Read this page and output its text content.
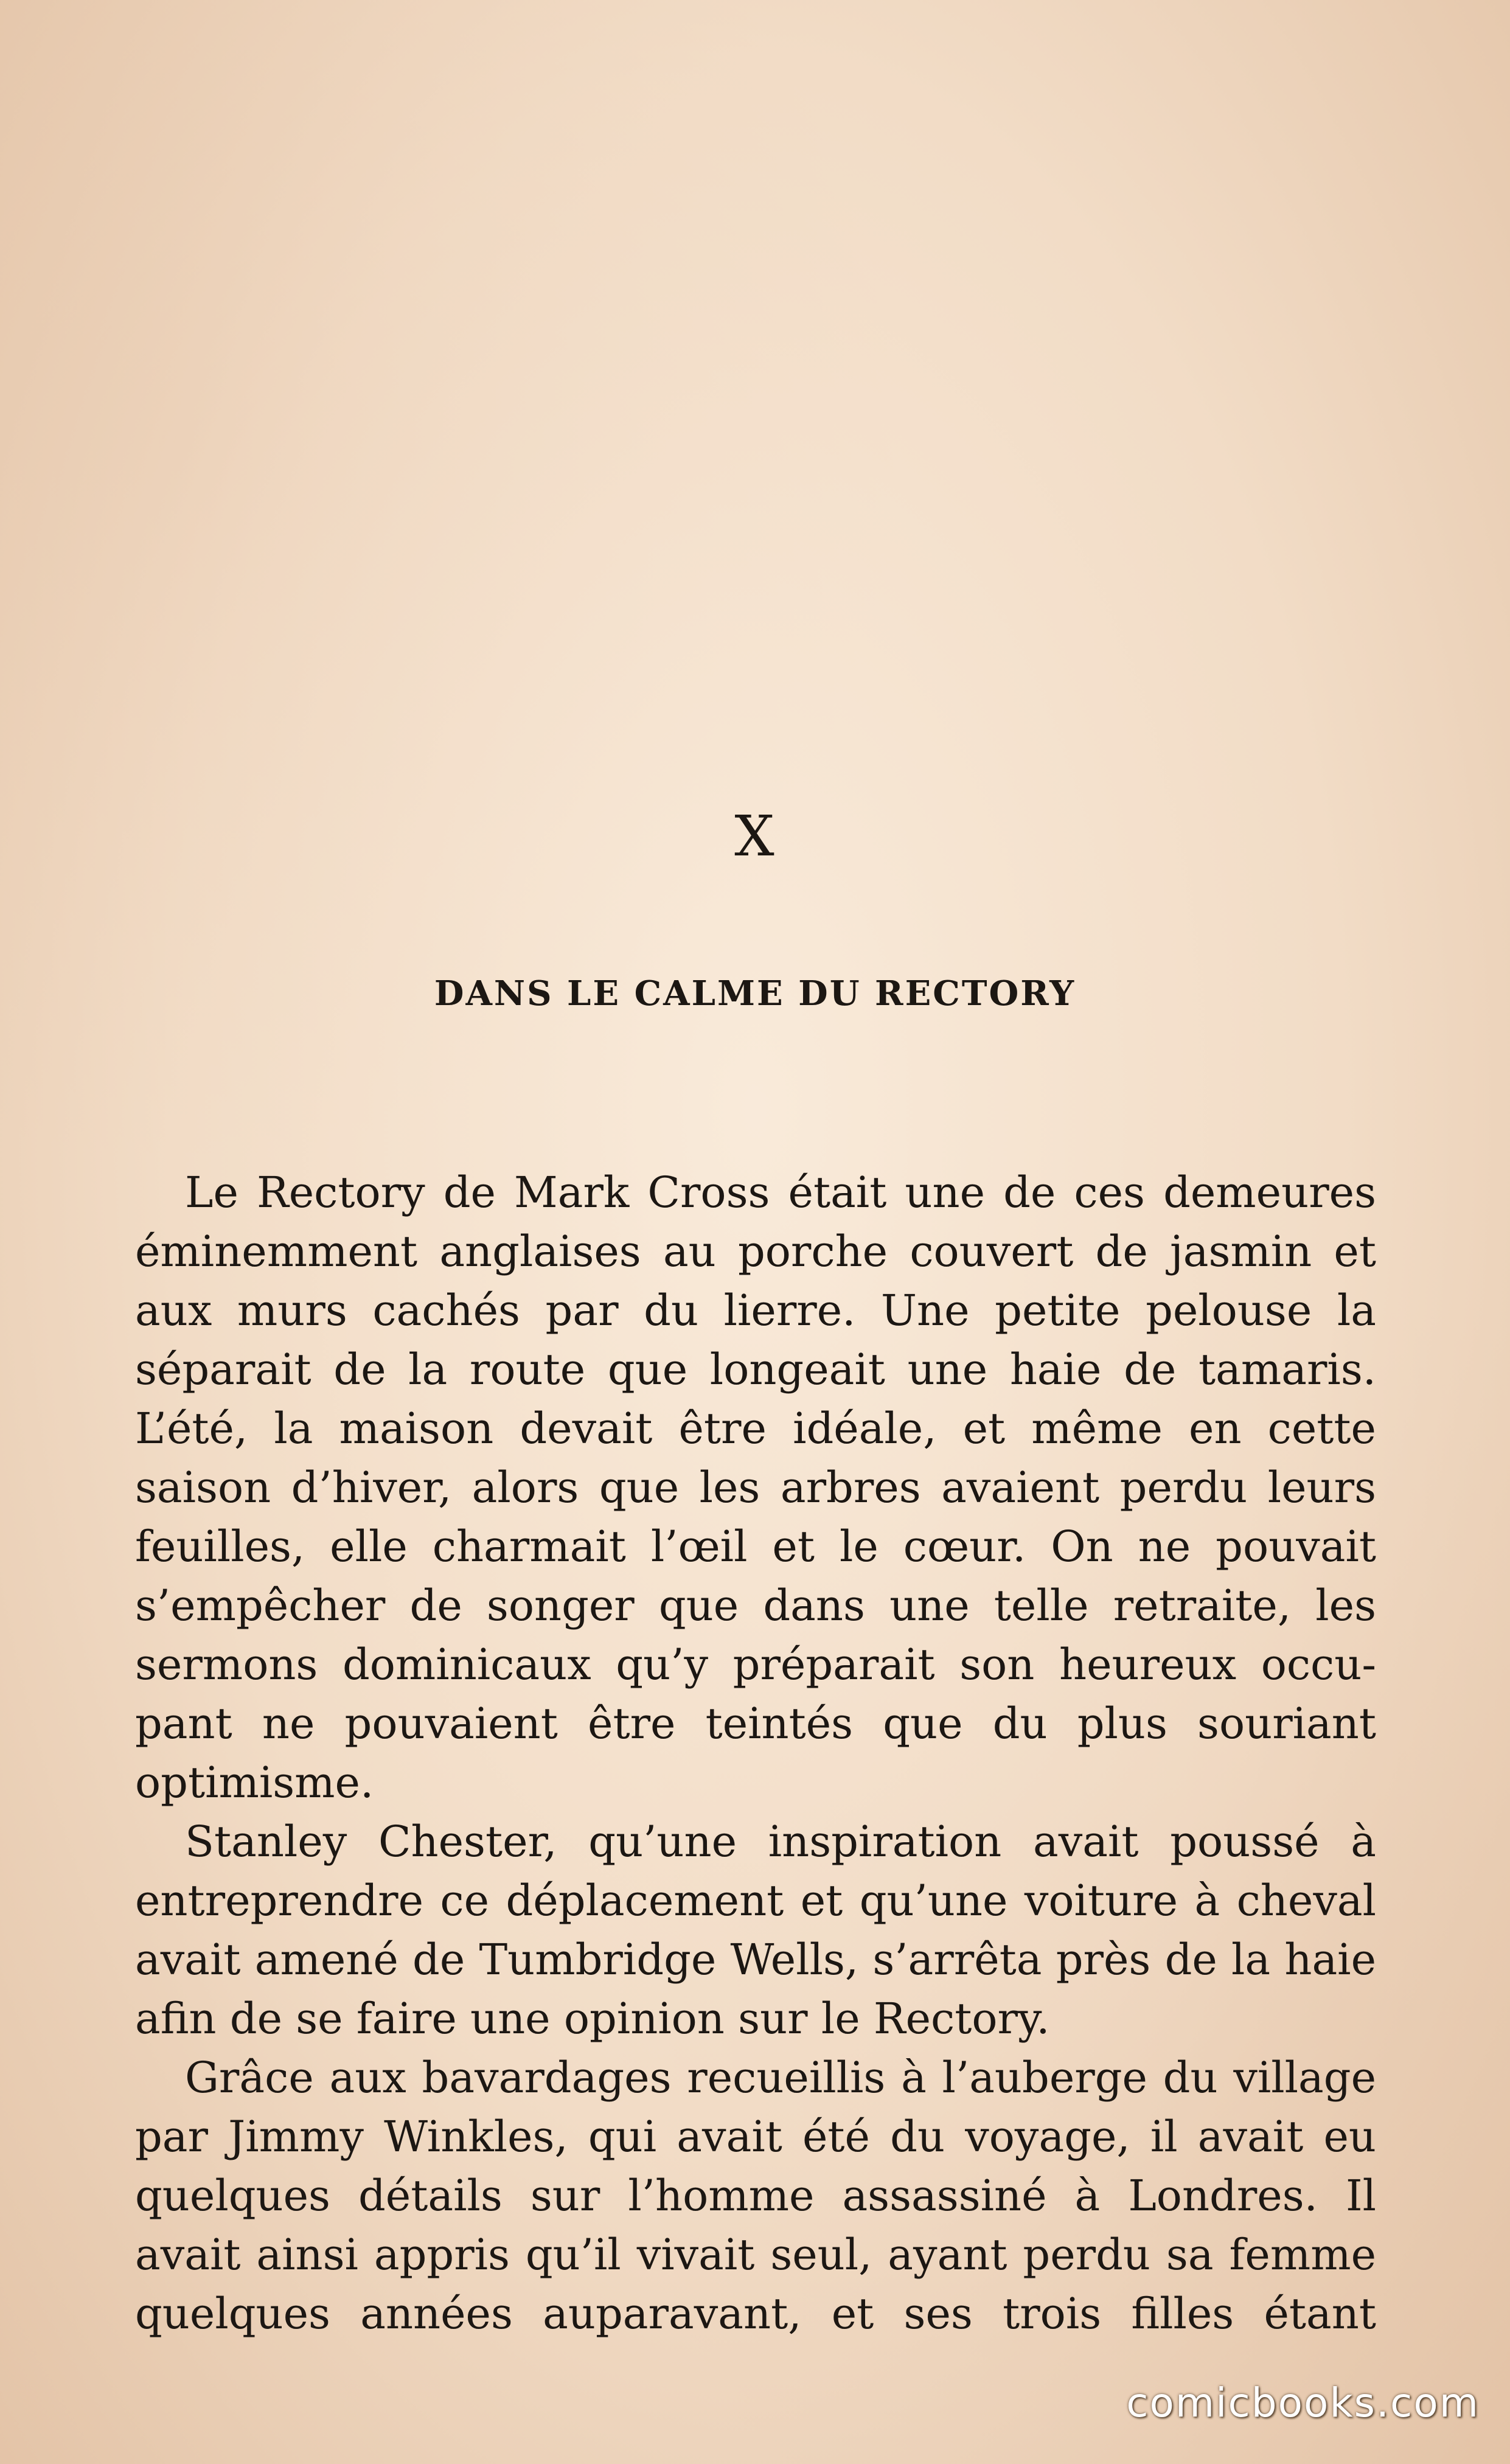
X
DANS LE CALME DU RECTORY
Le Rectory de Mark Cross était une de ces demeures
éminemment anglaises au porche couvert de jasmin et
aux murs cachés par du lierre. Une petite pelouse la
séparait de la route que longeait une haie de tamaris.
L’été, la maison devait être idéale, et même en cette
saison d’hiver, alors que les arbres avaient perdu leurs
feuilles, elle charmait l’œil et le cœur. On ne pouvait
s’empêcher de songer que dans une telle retraite, les
sermons dominicaux qu’y préparait son heureux occu-
pant ne pouvaient être teintés que du plus souriant
optimisme.
Stanley Chester, qu’une inspiration avait poussé à
entreprendre ce déplacement et qu’une voiture à cheval
avait amené de Tumbridge Wells, s’arrêta près de la haie
afin de se faire une opinion sur le Rectory.
Grâce aux bavardages recueillis à l’auberge du village
par Jimmy Winkles, qui avait été du voyage, il avait eu
quelques détails sur l’homme assassiné à Londres. Il
avait ainsi appris qu’il vivait seul, ayant perdu sa femme
quelques années auparavant, et ses trois filles étant
comicbooks.com
